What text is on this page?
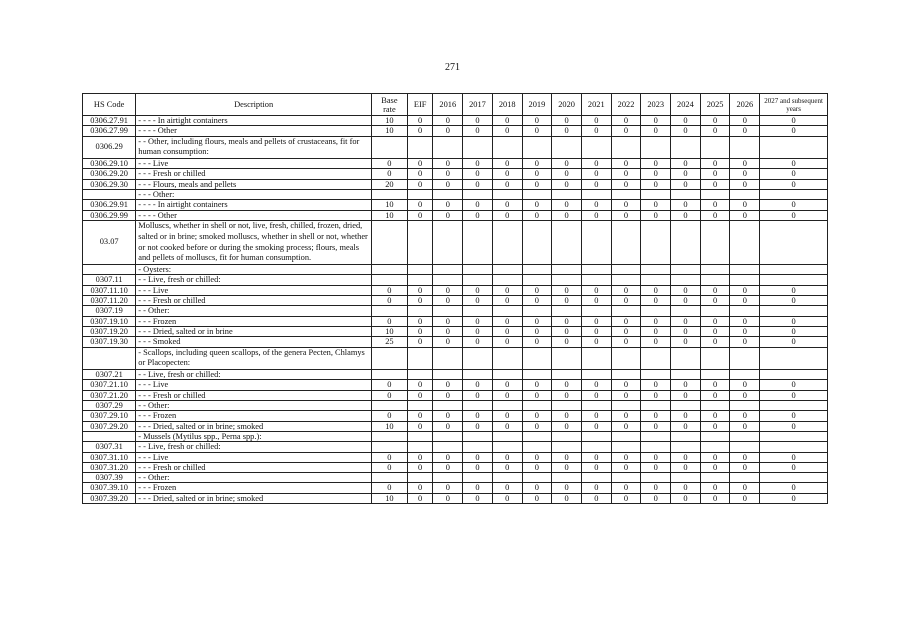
271
HS Code	Description	Base rate	EIF	2016	2017	2018	2019	2020	2021	2022	2023	2024	2025	2026	2027 and subsequent years
0306.27.91	- - - - In airtight containers	10	0	0	0	0	0	0	0	0	0	0	0	0	0
0306.27.99	- - - - Other	10	0	0	0	0	0	0	0	0	0	0	0	0	0
0306.29	- - Other, including flours, meals and pellets of crustaceans, fit for human consumption:														
0306.29.10	- - - Live	0	0	0	0	0	0	0	0	0	0	0	0	0	0
0306.29.20	- - - Fresh or chilled	0	0	0	0	0	0	0	0	0	0	0	0	0	0
0306.29.30	- - - Flours, meals and pellets	20	0	0	0	0	0	0	0	0	0	0	0	0	0
	- - - Other:														
0306.29.91	- - - - In airtight containers	10	0	0	0	0	0	0	0	0	0	0	0	0	0
0306.29.99	- - - - Other	10	0	0	0	0	0	0	0	0	0	0	0	0	0
03.07	Molluscs, whether in shell or not, live, fresh, chilled, frozen, dried, salted or in brine; smoked molluscs, whether in shell or not, whether or not cooked before or during the smoking process; flours, meals and pellets of molluscs, fit for human consumption.														
	- Oysters:														
0307.11	- - Live, fresh or chilled:														
0307.11.10	- - - Live	0	0	0	0	0	0	0	0	0	0	0	0	0	0
0307.11.20	- - - Fresh or chilled	0	0	0	0	0	0	0	0	0	0	0	0	0	0
0307.19	- - Other:														
0307.19.10	- - - Frozen	0	0	0	0	0	0	0	0	0	0	0	0	0	0
0307.19.20	- - - Dried, salted or in brine	10	0	0	0	0	0	0	0	0	0	0	0	0	0
0307.19.30	- - - Smoked	25	0	0	0	0	0	0	0	0	0	0	0	0	0
	- Scallops, including queen scallops, of the genera Pecten, Chlamys or Placopecten:														
0307.21	- - Live, fresh or chilled:														
0307.21.10	- - - Live	0	0	0	0	0	0	0	0	0	0	0	0	0	0
0307.21.20	- - - Fresh or chilled	0	0	0	0	0	0	0	0	0	0	0	0	0	0
0307.29	- - Other:														
0307.29.10	- - - Frozen	0	0	0	0	0	0	0	0	0	0	0	0	0	0
0307.29.20	- - - Dried, salted or in brine; smoked	10	0	0	0	0	0	0	0	0	0	0	0	0	0
	- Mussels (Mytilus spp., Perna spp.):														
0307.31	- - Live, fresh or chilled:														
0307.31.10	- - - Live	0	0	0	0	0	0	0	0	0	0	0	0	0	0
0307.31.20	- - - Fresh or chilled	0	0	0	0	0	0	0	0	0	0	0	0	0	0
0307.39	- - Other:														
0307.39.10	- - - Frozen	0	0	0	0	0	0	0	0	0	0	0	0	0	0
0307.39.20	- - - Dried, salted or in brine; smoked	10	0	0	0	0	0	0	0	0	0	0	0	0	0
